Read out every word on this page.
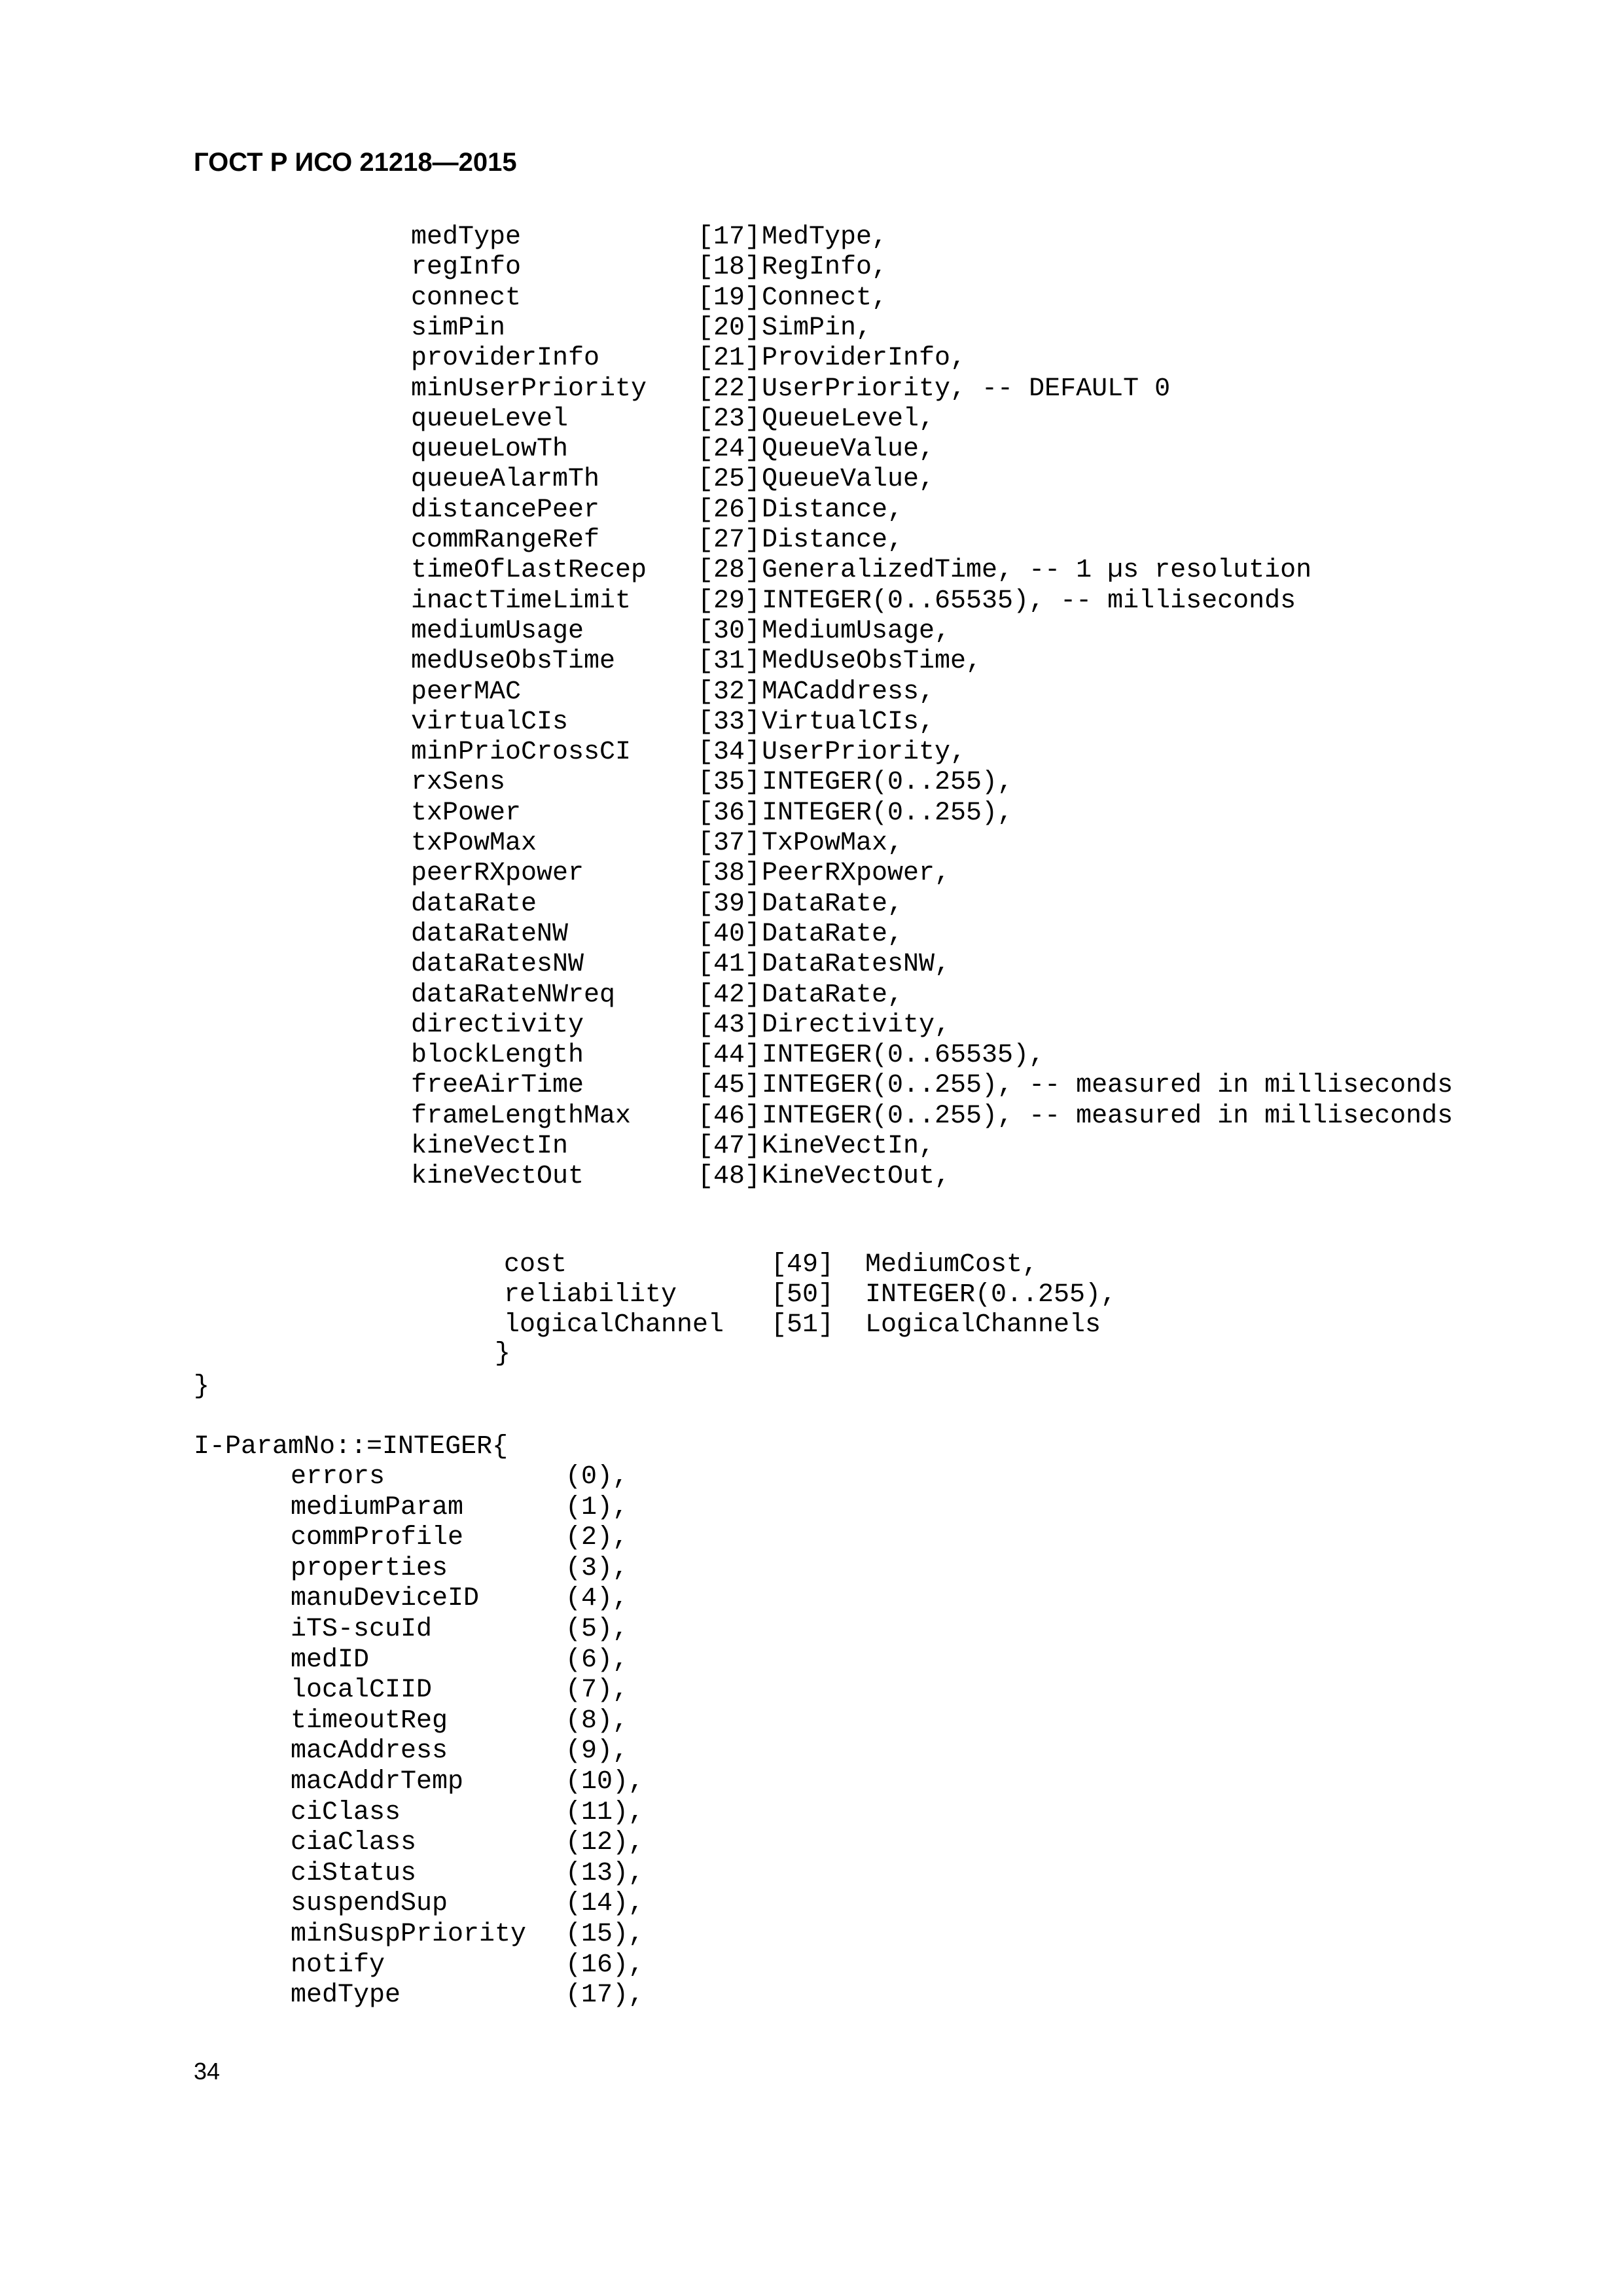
ГОСТ Р ИСО 21218—2015
medType	[17] MedType,
regInfo	[18] RegInfo,
connect	[19] Connect,
simPin	[20] SimPin,
providerInfo	[21] ProviderInfo,
minUserPriority [22] UserPriority, -- DEFAULT 0
queueLevel	[23] QueueLevel,
queueLowTh	[24] QueueValue,
queueAlarmTh	[25] QueueValue,
distancePeer	[26] Distance,
commRangeRef	[27] Distance,
timeOfLastRecep [28] GeneralizedTime, -- 1 µs resolution
inactTimeLimit	[29] INTEGER(0..65535), -- milliseconds
mediumUsage	[30] MediumUsage,
medUseObsTime	[31] MedUseObsTime,
peerMAC	[32] MACaddress,
virtualCIs	[33] VirtualCIs,
minPrioCrossCI	[34] UserPriority,
rxSens	[35] INTEGER(0..255),
txPower	[36] INTEGER(0..255),
txPowMax	[37] TxPowMax,
peerRXpower	[38] PeerRXpower,
dataRate	[39] DataRate,
dataRateNW	[40] DataRate,
dataRatesNW	[41] DataRatesNW,
dataRateNWreq	[42] DataRate,
directivity	[43] Directivity,
blockLength	[44] INTEGER(0..65535),
freeAirTime	[45] INTEGER(0..255), -- measured in milliseconds
frameLengthMax	[46] INTEGER(0..255), -- measured in milliseconds
kineVectIn	[47] KineVectIn,
kineVectOut	[48] KineVectOut,
cost	[49] MediumCost,
reliability	[50] INTEGER(0..255),
logicalChannel [51] LogicalChannels
}
}
I-ParamNo::=INTEGER{
errors	(0),
mediumParam	(1),
commProfile	(2),
properties	(3),
manuDeviceID	(4),
iTS-scuId	(5),
medID	(6),
localCIID	(7),
timeoutReg	(8),
macAddress	(9),
macAddrTemp	(10),
ciClass	(11),
ciaClass	(12),
ciStatus	(13),
suspendSup	(14),
minSuspPriority (15),
notify	(16),
medType	(17),
34
